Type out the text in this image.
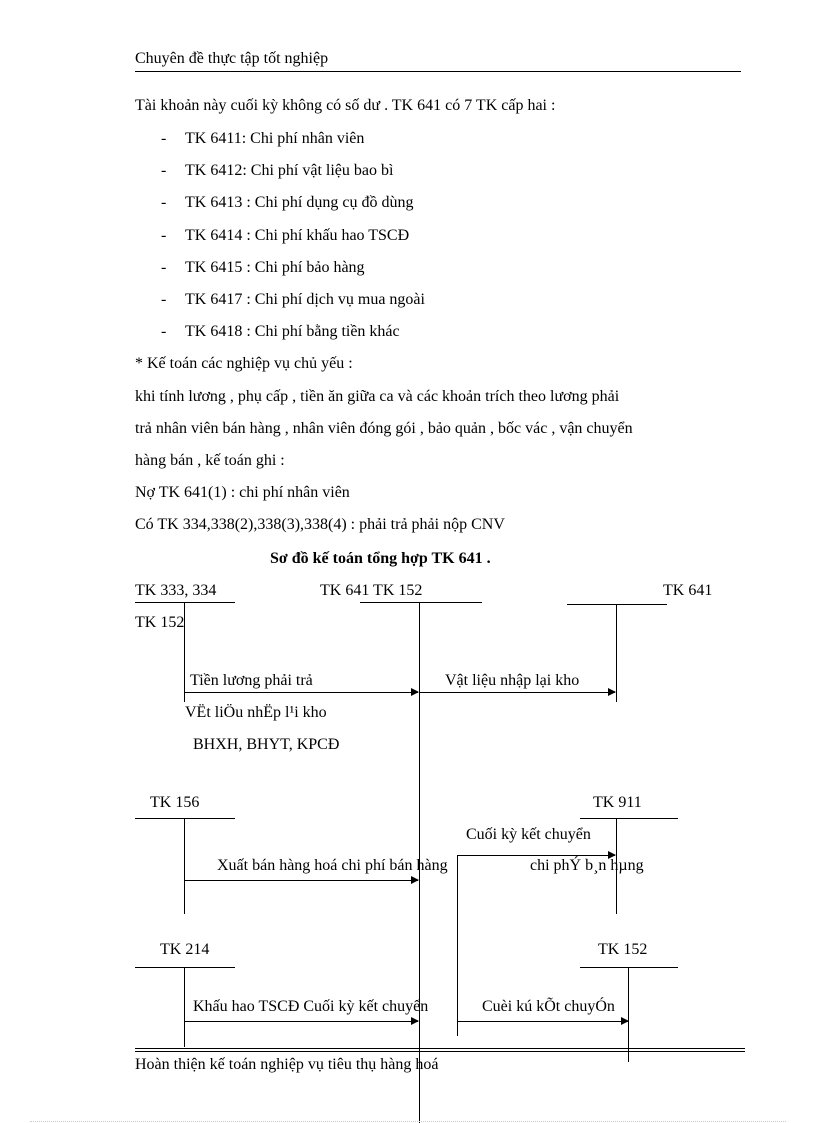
Chuyên đề thực tập tốt nghiệp
Tài khoản này cuối kỳ không có số dư . TK 641 có 7 TK cấp hai :
- TK 6411: Chi phí nhân viên
- TK 6412: Chi phí vật liệu bao bì
- TK 6413 : Chi phí dụng cụ đồ dùng
- TK 6414 : Chi phí khấu hao TSCĐ
- TK 6415 : Chi phí bảo hàng
- TK 6417 : Chi phí dịch vụ mua ngoài
- TK 6418 : Chi phí bằng tiền khác
* Kế toán các nghiệp vụ chủ yếu :
khi tính lương , phụ cấp , tiền ăn giữa ca và các khoản trích theo lương phải
trả nhân viên bán hàng , nhân viên đóng gói , bảo quản , bốc vác , vận chuyển
hàng bán , kế toán ghi :
Nợ TK 641(1) : chi phí nhân viên
Có TK 334,338(2),338(3),338(4) : phải trả phải nộp CNV
Sơ đồ kế toán tổng hợp TK 641 .
TK 333, 334	TK 641 TK 152	TK 641
TK 152
Tiền lương phải trả	Vật liệu nhập lại kho
VËt liÖu nhËp l¹i kho
BHXH, BHYT, KPCĐ
TK 156	TK 911
Cuối kỳ kết chuyển
Xuất bán hàng hoá chi phí bán hàng	chi phÝ b¸n hµng
TK 214	TK 152
Khấu hao TSCĐ Cuối kỳ kết chuyển	Cuèi kú kÕt chuyÓn
Hoàn thiện kế toán nghiệp vụ tiêu thụ hàng hoá
